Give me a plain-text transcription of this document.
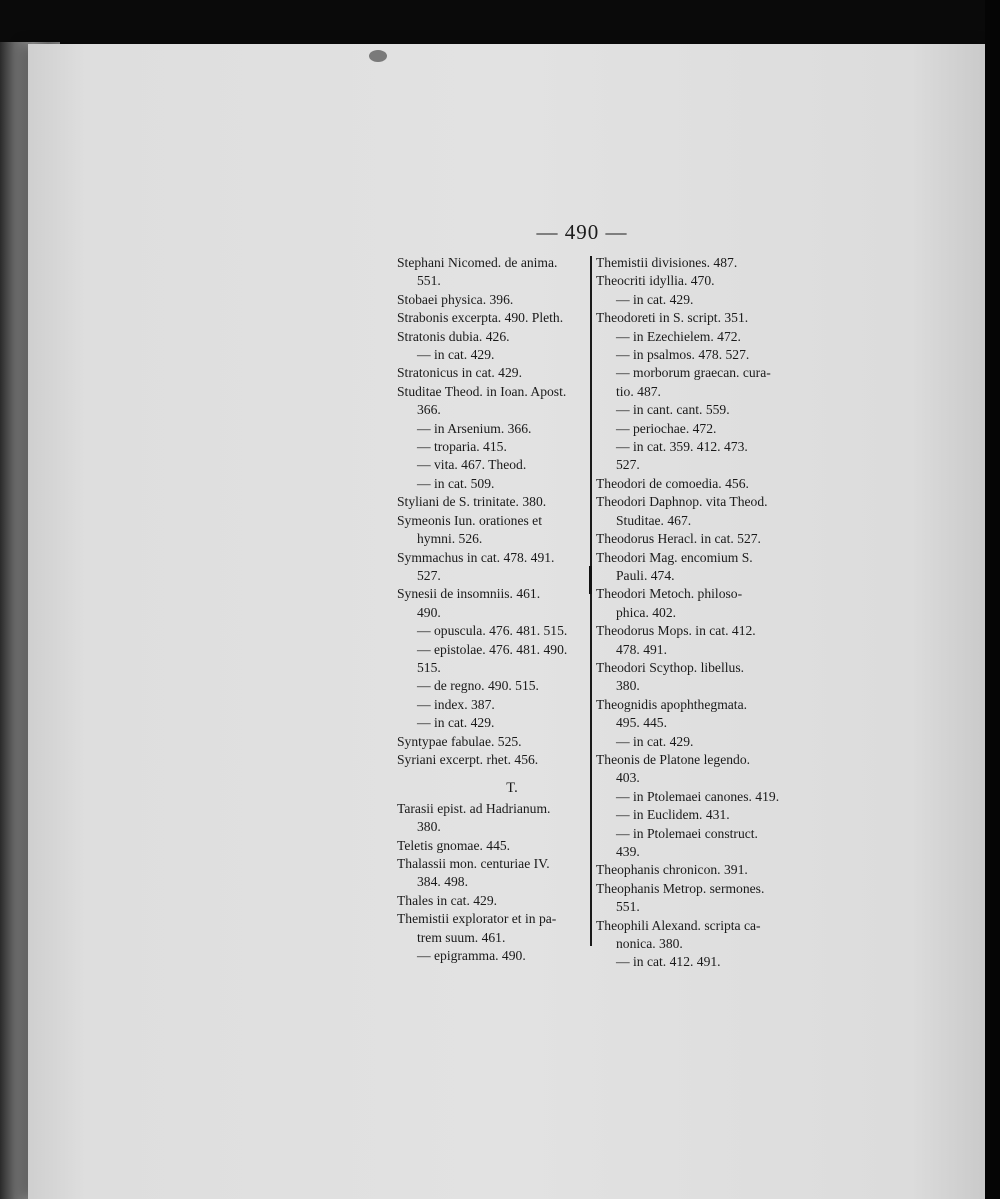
— 490 —
Stephani Nicomed. de anima.
551.
Stobaei physica. 396.
Strabonis excerpta. 490. Pleth.
Stratonis dubia. 426.
— in cat. 429.
Stratonicus in cat. 429.
Studitae Theod. in Ioan. Apost.
366.
— in Arsenium. 366.
— troparia. 415.
— vita. 467. Theod.
— in cat. 509.
Styliani de S. trinitate. 380.
Symeonis Iun. orationes et
hymni. 526.
Symmachus in cat. 478. 491.
527.
Synesii de insomniis. 461.
490.
— opuscula. 476. 481. 515.
— epistolae. 476. 481. 490.
515.
— de regno. 490. 515.
— index. 387.
— in cat. 429.
Syntypae fabulae. 525.
Syriani excerpt. rhet. 456.
T.
Tarasii epist. ad Hadrianum.
380.
Teletis gnomae. 445.
Thalassii mon. centuriae IV.
384. 498.
Thales in cat. 429.
Themistii explorator et in pa-
trem suum. 461.
— epigramma. 490.
Themistii divisiones. 487.
Theocriti idyllia. 470.
— in cat. 429.
Theodoreti in S. script. 351.
— in Ezechielem. 472.
— in psalmos. 478. 527.
— morborum graecan. cura-
tio. 487.
— in cant. cant. 559.
— periochae. 472.
— in cat. 359. 412. 473.
527.
Theodori de comoedia. 456.
Theodori Daphnop. vita Theod.
Studitae. 467.
Theodorus Heracl. in cat. 527.
Theodori Mag. encomium S.
Pauli. 474.
Theodori Metoch. philoso-
phica. 402.
Theodorus Mops. in cat. 412.
478. 491.
Theodori Scythop. libellus.
380.
Theognidis apophthegmata.
495. 445.
— in cat. 429.
Theonis de Platone legendo.
403.
— in Ptolemaei canones. 419.
— in Euclidem. 431.
— in Ptolemaei construct.
439.
Theophanis chronicon. 391.
Theophanis Metrop. sermones.
551.
Theophili Alexand. scripta ca-
nonica. 380.
— in cat. 412. 491.
